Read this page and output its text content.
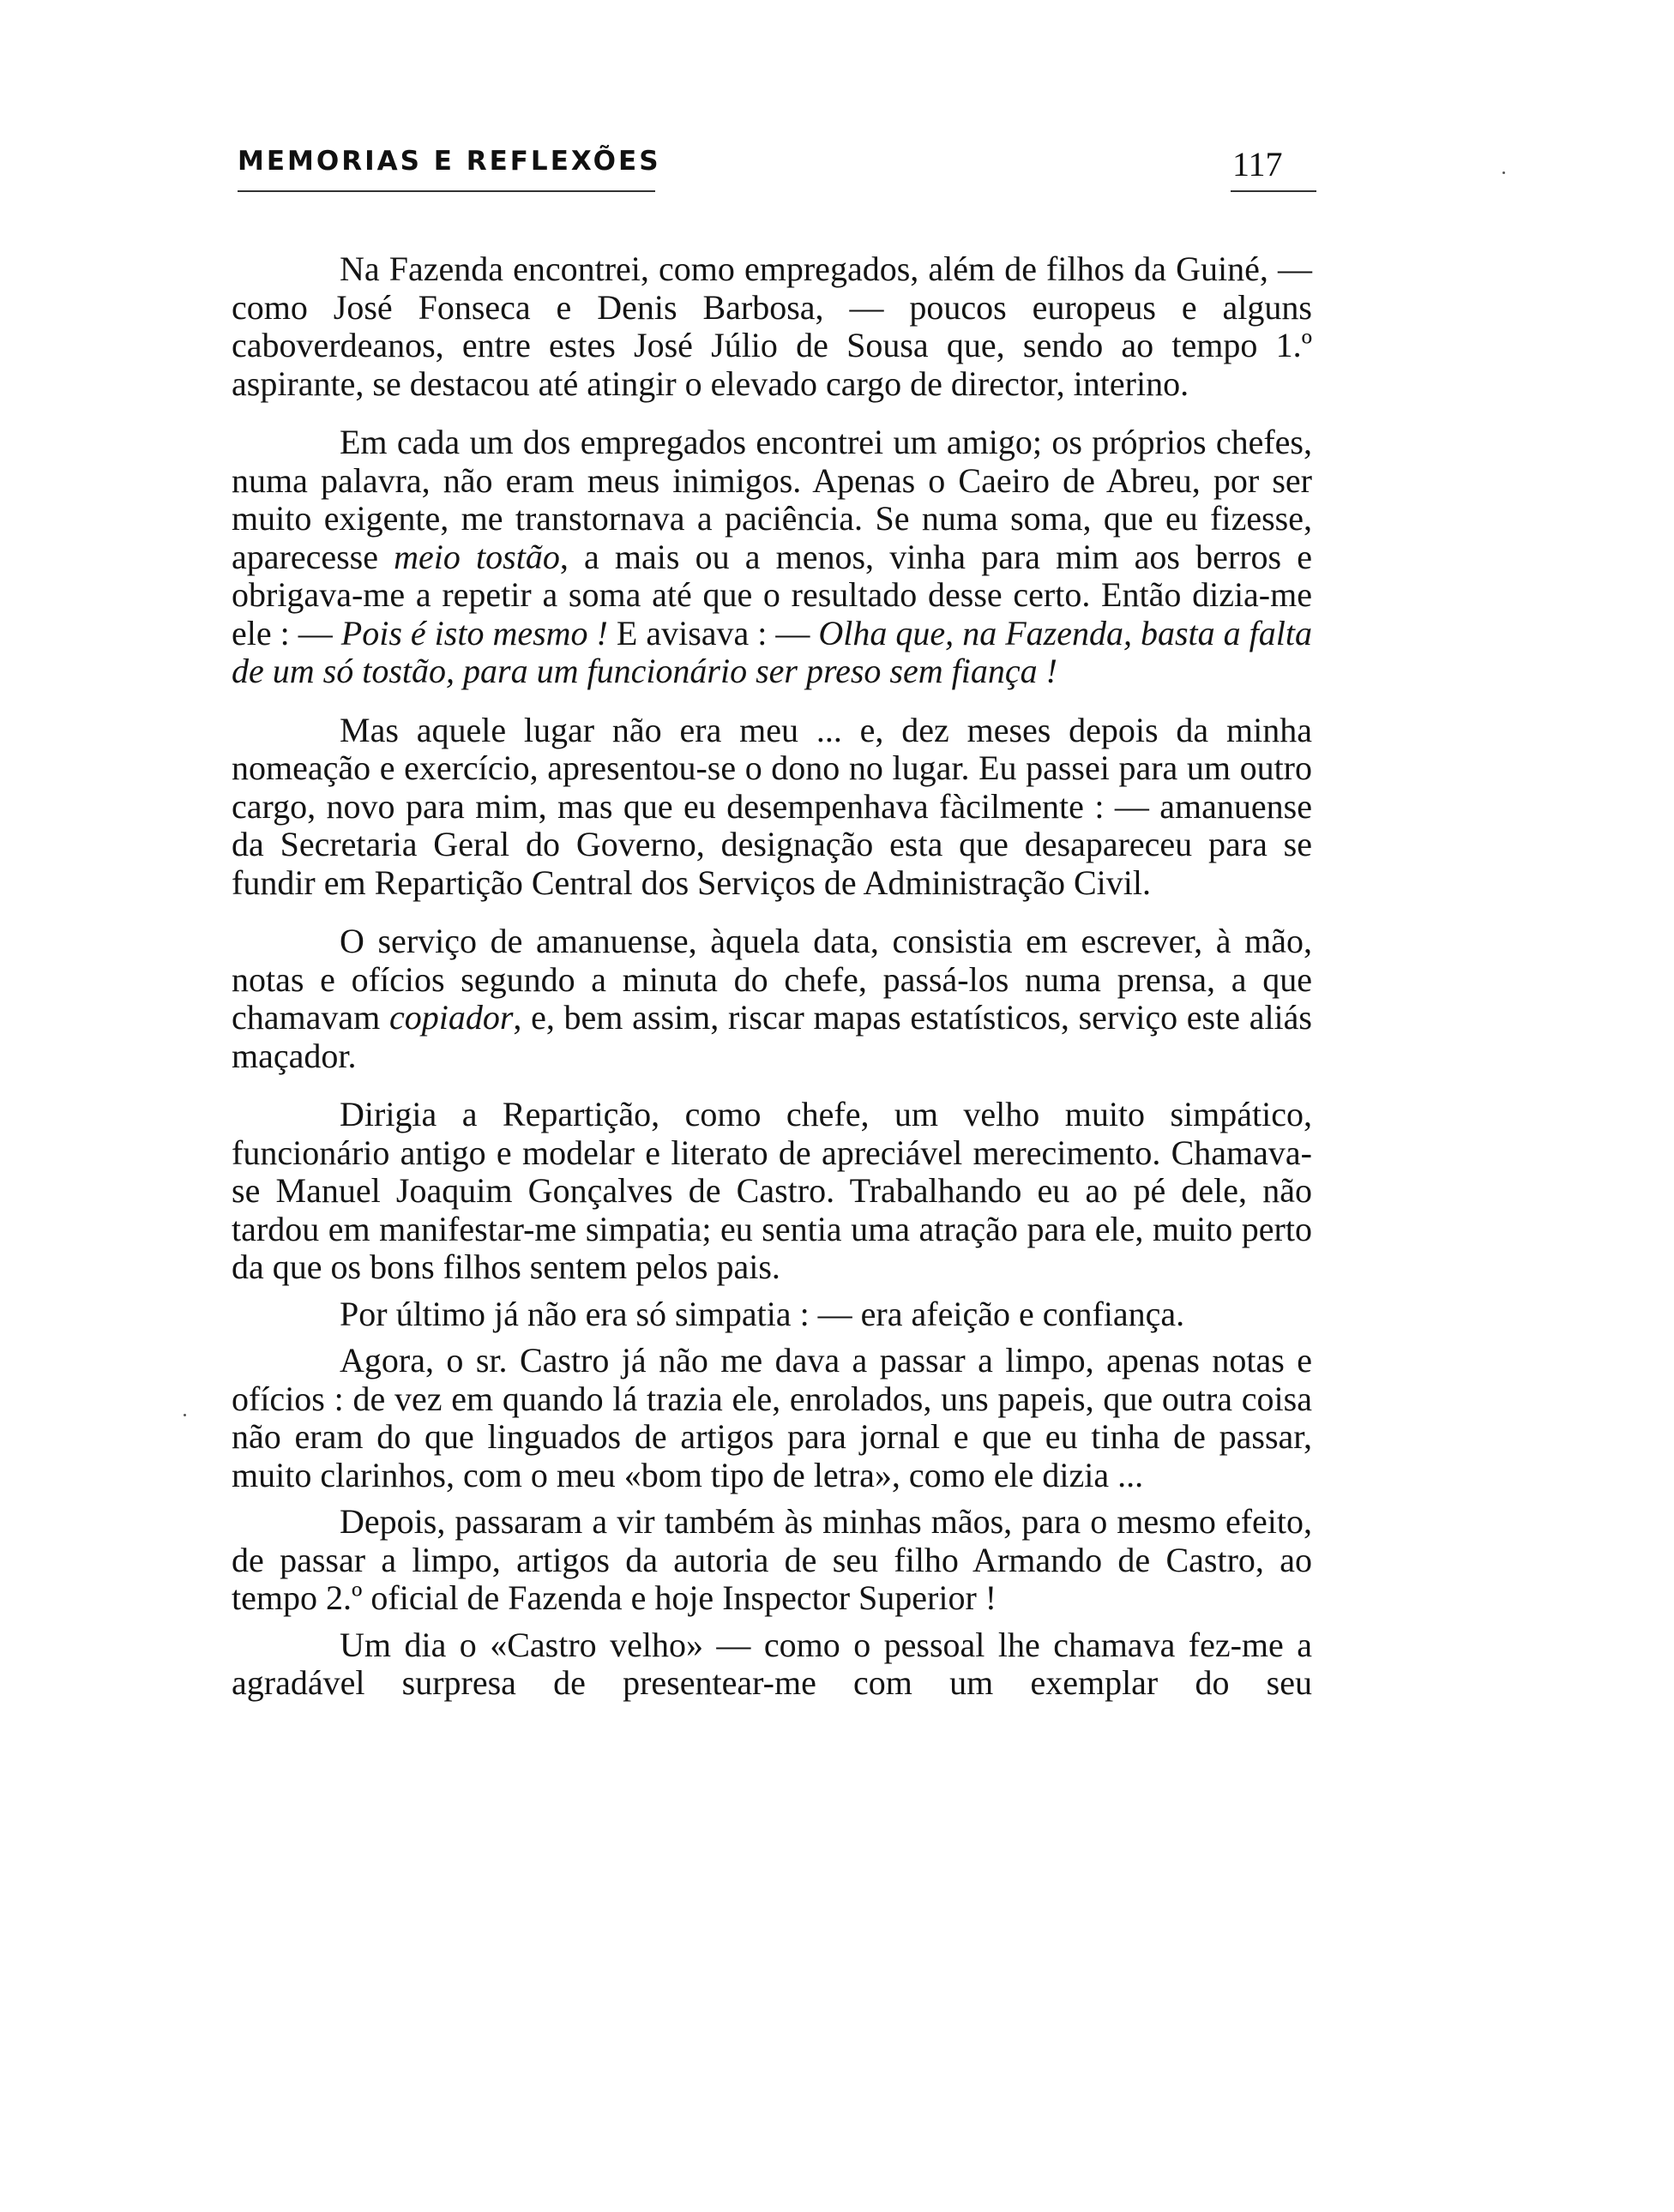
MEMORIAS E REFLEXÕES	117

Na Fazenda encontrei, como empregados, além de filhos da Guiné, — como José Fonseca e Denis Barbosa, — poucos europeus e alguns caboverdeanos, entre estes José Júlio de Sousa que, sendo ao tempo 1.º aspirante, se destacou até atingir o elevado cargo de director, interino.

Em cada um dos empregados encontrei um amigo; os próprios chefes, numa palavra, não eram meus inimigos. Apenas o Caeiro de Abreu, por ser muito exigente, me transtornava a paciência. Se numa soma, que eu fizesse, aparecesse meio tostão, a mais ou a menos, vinha para mim aos berros e obrigava-me a repetir a soma até que o resultado desse certo. Então dizia-me ele : — Pois é isto mesmo ! E avisava : — Olha que, na Fazenda, basta a falta de um só tostão, para um funcionário ser preso sem fiança !

Mas aquele lugar não era meu ... e, dez meses depois da minha nomeação e exercício, apresentou-se o dono no lugar. Eu passei para um outro cargo, novo para mim, mas que eu desempenhava fàcilmente : — amanuense da Secretaria Geral do Governo, designação esta que desapareceu para se fundir em Repartição Central dos Serviços de Administração Civil.

O serviço de amanuense, àquela data, consistia em escrever, à mão, notas e ofícios segundo a minuta do chefe, passá-los numa prensa, a que chamavam copiador, e, bem assim, riscar mapas estatísticos, serviço este aliás maçador.

Dirigia a Repartição, como chefe, um velho muito simpático, funcionário antigo e modelar e literato de apreciável merecimento. Chamava-se Manuel Joaquim Gonçalves de Castro. Trabalhando eu ao pé dele, não tardou em manifestar-me simpatia; eu sentia uma atração para ele, muito perto da que os bons filhos sentem pelos pais.

Por último já não era só simpatia : — era afeição e confiança.

Agora, o sr. Castro já não me dava a passar a limpo, apenas notas e ofícios : de vez em quando lá trazia ele, enrolados, uns papeis, que outra coisa não eram do que linguados de artigos para jornal e que eu tinha de passar, muito clarinhos, com o meu «bom tipo de letra», como ele dizia ...

Depois, passaram a vir também às minhas mãos, para o mesmo efeito, de passar a limpo, artigos da autoria de seu filho Armando de Castro, ao tempo 2.º oficial de Fazenda e hoje Inspector Superior !

Um dia o «Castro velho» — como o pessoal lhe chamava fez-me a agradável surpresa de presentear-me com um exemplar do seu
